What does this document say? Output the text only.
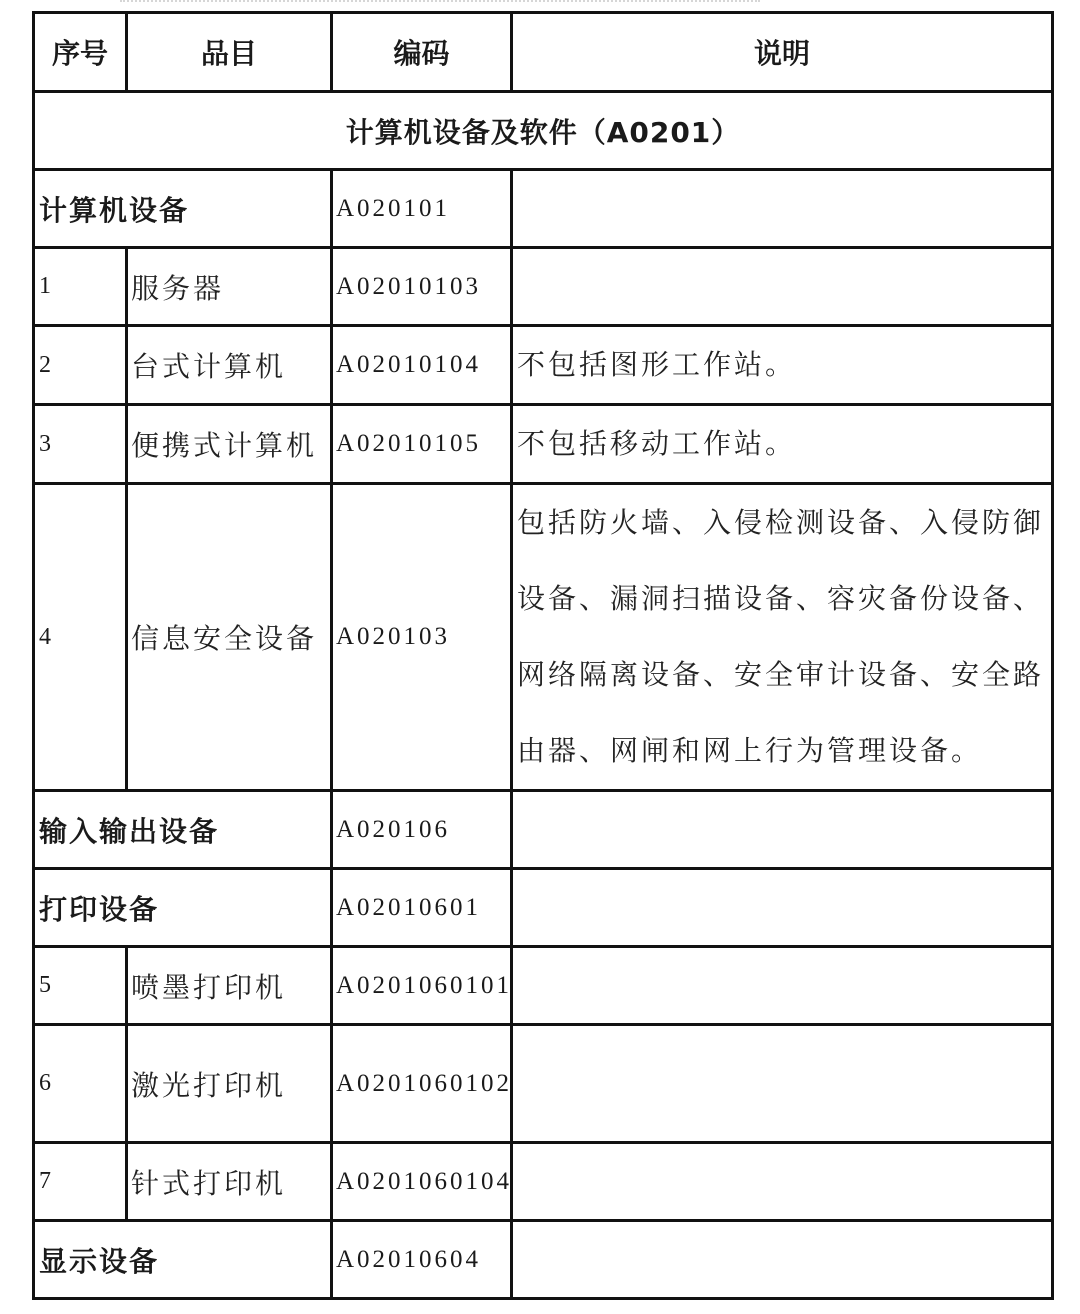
序号	品目	编码	说明
计算机设备及软件（A0201）			
计算机设备		A020101	
1	服务器	A02010103	
2	台式计算机	A02010104	不包括图形工作站。
3	便携式计算机	A02010105	不包括移动工作站。
4	信息安全设备	A020103	包括防火墙、入侵检测设备、入侵防御设备、漏洞扫描设备、容灾备份设备、网络隔离设备、安全审计设备、安全路由器、网闸和网上行为管理设备。
输入输出设备		A020106	
打印设备		A02010601	
5	喷墨打印机	A0201060101	
6	激光打印机	A0201060102	
7	针式打印机	A0201060104	
显示设备		A02010604	
